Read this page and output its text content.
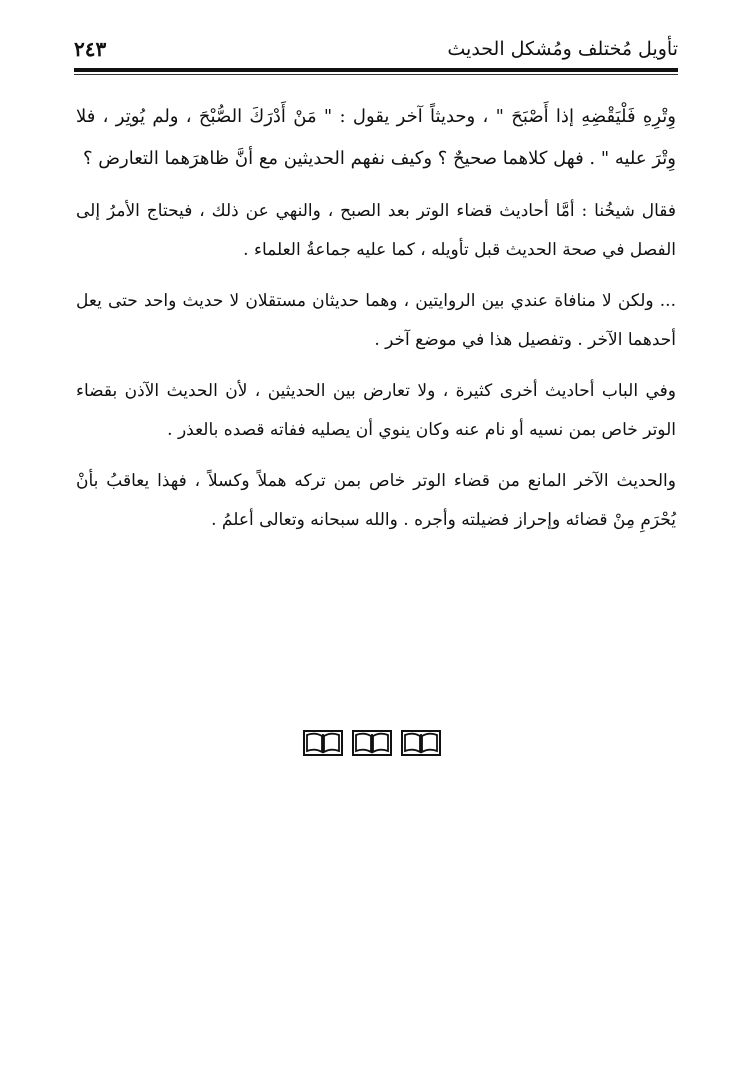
تأويل مُختلف ومُشكل الحديث
٢٤٣

وِتْرِهِ فَلْيَقْضِهِ إذا أَصْبَحَ " ، وحديثاً آخر يقول : " مَنْ أَدْرَكَ الصُّبْحَ ، ولم يُوتِر ، فلا وِتْرَ عليه " . فهل كلاهما صحيحٌ ؟ وكيف نفهم الحديثين مع أنَّ ظاهرَهما التعارض ؟

فقال شيخُنا : أمَّا أحاديث قضاء الوتر بعد الصبح ، والنهي عن ذلك ، فيحتاج الأمرُ إلى الفصل في صحة الحديث قبل تأويله ، كما عليه جماعةُ العلماء .

... ولكن لا منافاة عندي بين الروايتين ، وهما حديثان مستقلان لا حديث واحد حتى يعل أحدهما الآخر . وتفصيل هذا في موضع آخر .

وفي الباب أحاديث أخرى كثيرة ، ولا تعارض بين الحديثين ، لأن الحديث الآذن بقضاء الوتر خاص بمن نسيه أو نام عنه وكان ينوي أن يصليه ففاته قصده بالعذر .

والحديث الآخر المانع من قضاء الوتر خاص بمن تركه هملاً وكسلاً ، فهذا يعاقبُ بأنْ يُحْرَمِ مِنْ قضائه وإحراز فضيلته وأجره . والله سبحانه وتعالى أعلمُ .
